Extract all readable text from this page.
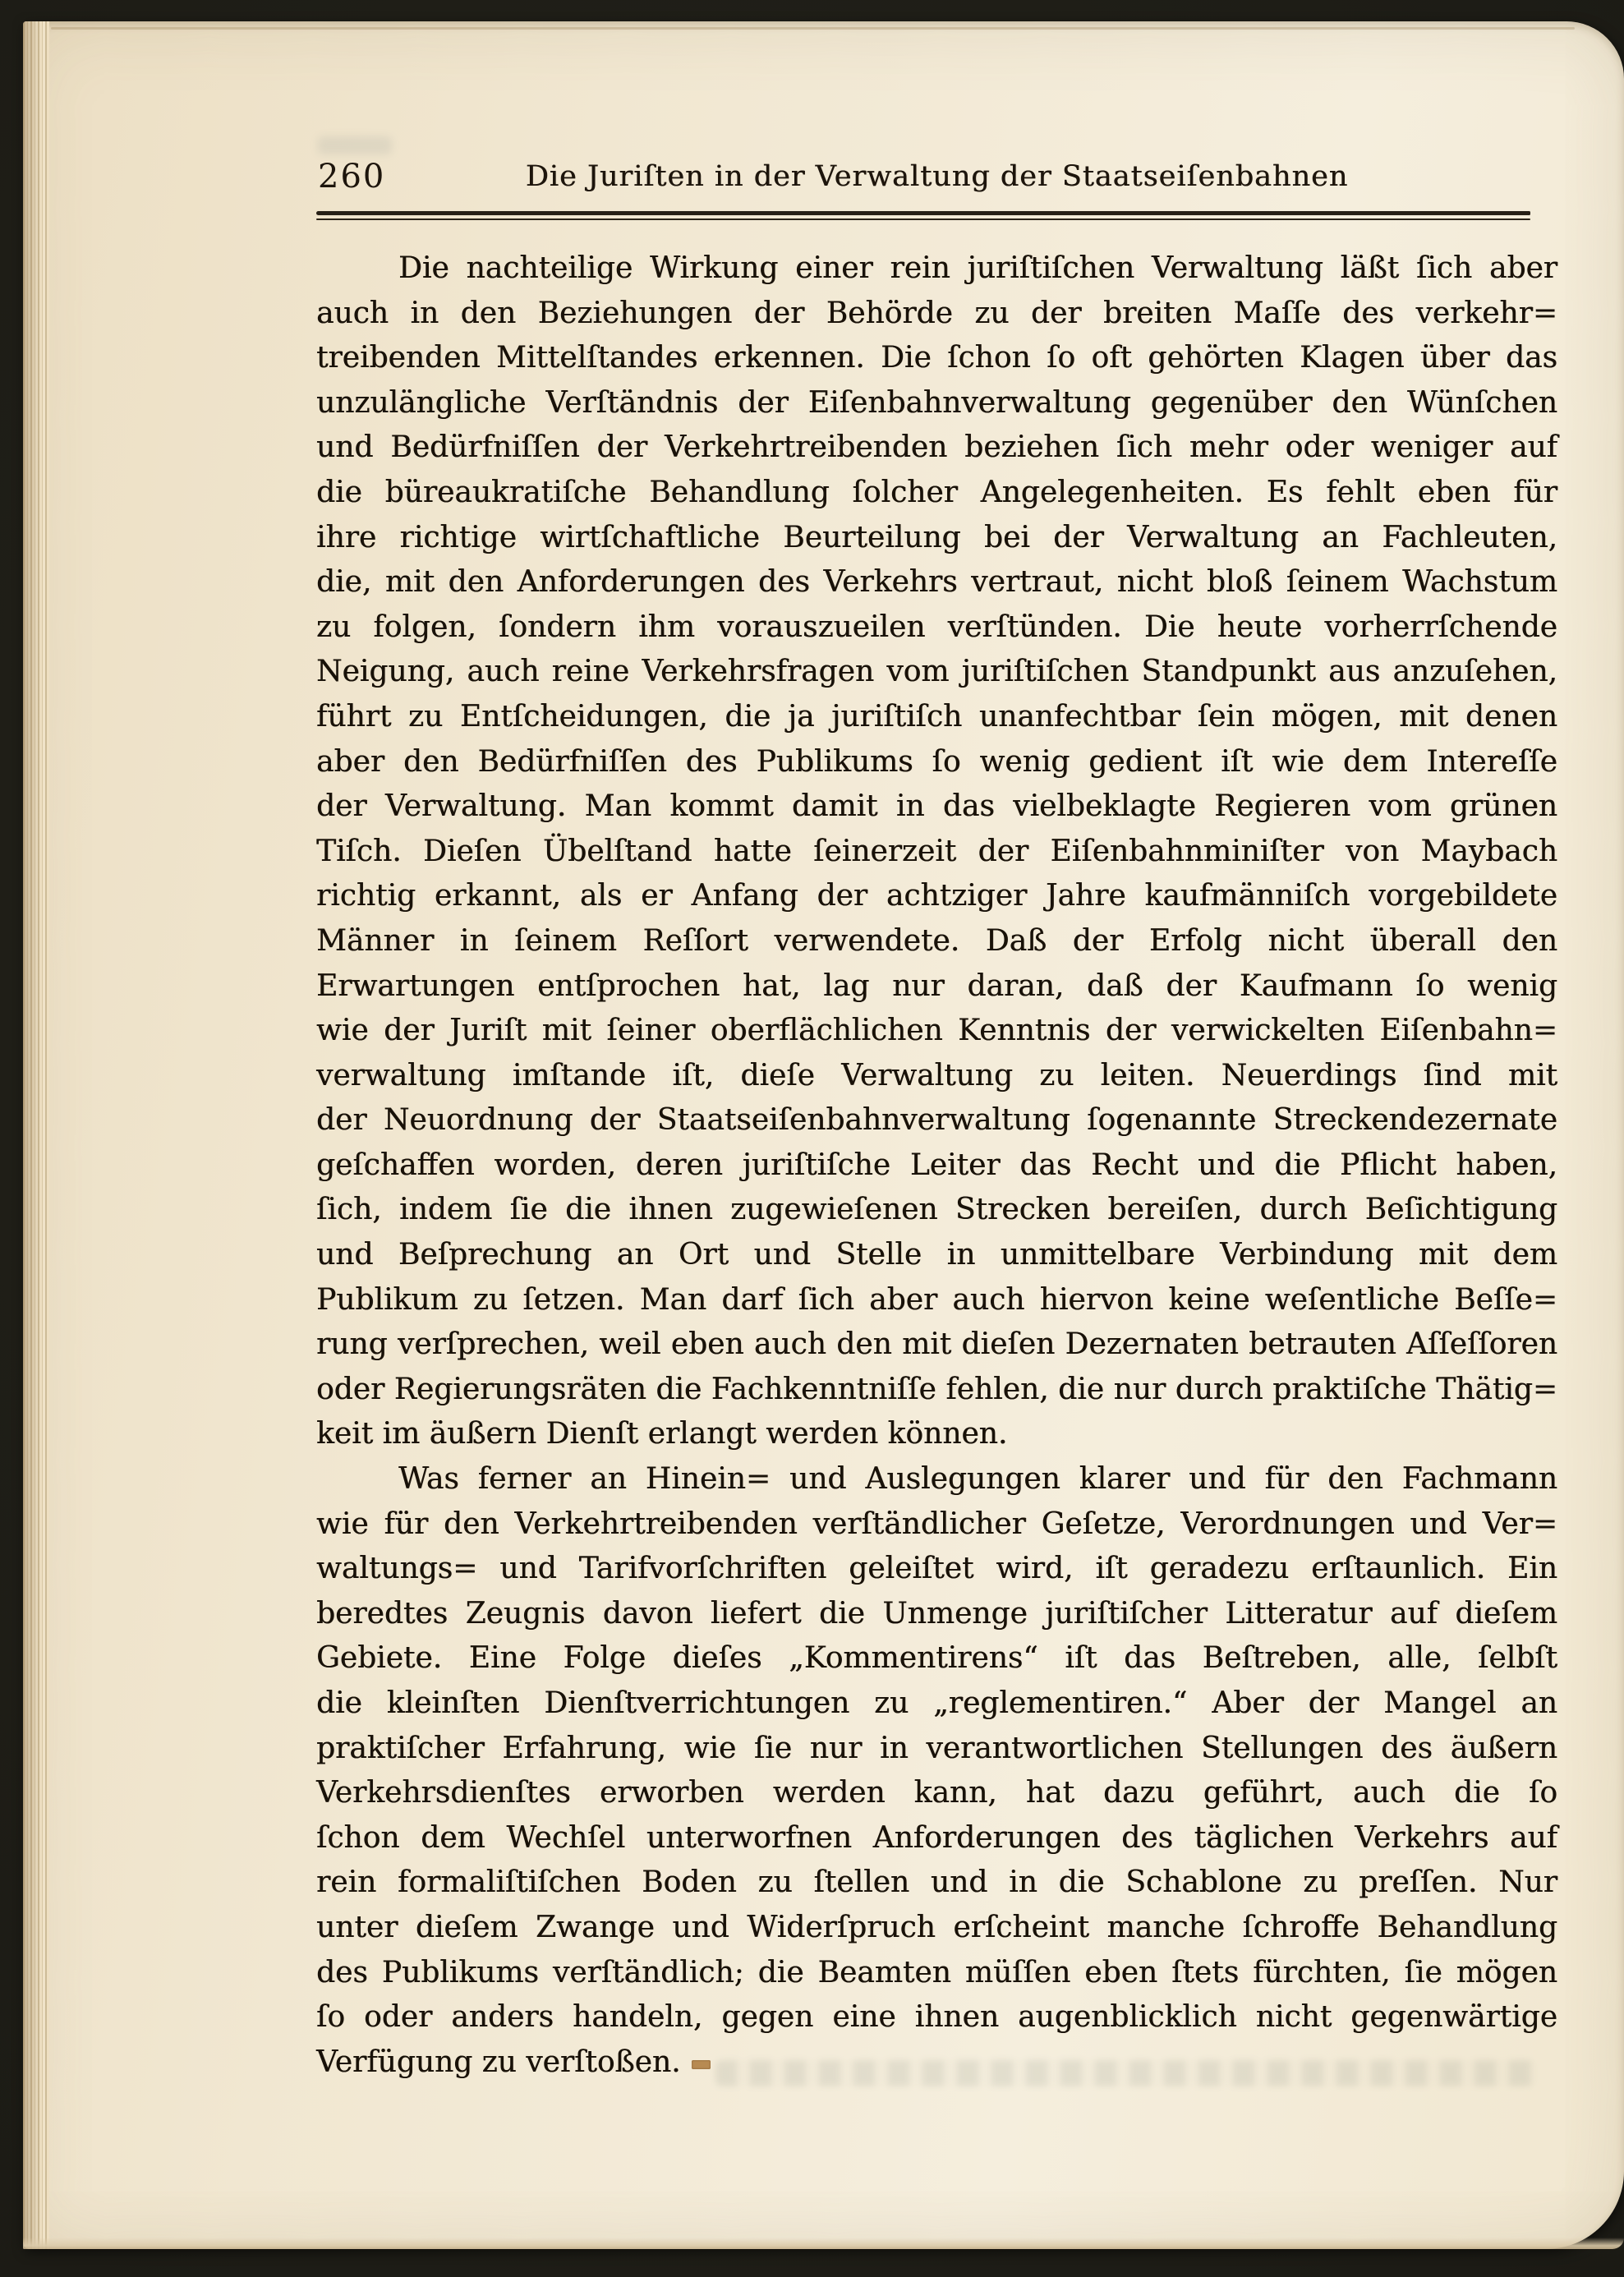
260	Die Juriſten in der Verwaltung der Staatseiſenbahnen
Die nachteilige Wirkung einer rein juriſtiſchen Verwaltung läßt ſich aber
auch in den Beziehungen der Behörde zu der breiten Maſſe des verkehr=
treibenden Mittelſtandes erkennen. Die ſchon ſo oft gehörten Klagen über das
unzulängliche Verſtändnis der Eiſenbahnverwaltung gegenüber den Wünſchen
und Bedürfniſſen der Verkehrtreibenden beziehen ſich mehr oder weniger auf
die büreaukratiſche Behandlung ſolcher Angelegenheiten. Es fehlt eben für
ihre richtige wirtſchaftliche Beurteilung bei der Verwaltung an Fachleuten,
die, mit den Anforderungen des Verkehrs vertraut, nicht bloß ſeinem Wachstum
zu folgen, ſondern ihm vorauszueilen verſtünden. Die heute vorherrſchende
Neigung, auch reine Verkehrsfragen vom juriſtiſchen Standpunkt aus anzuſehen,
führt zu Entſcheidungen, die ja juriſtiſch unanfechtbar ſein mögen, mit denen
aber den Bedürfniſſen des Publikums ſo wenig gedient iſt wie dem Intereſſe
der Verwaltung. Man kommt damit in das vielbeklagte Regieren vom grünen
Tiſch. Dieſen Übelſtand hatte ſeinerzeit der Eiſenbahnminiſter von Maybach
richtig erkannt, als er Anfang der achtziger Jahre kaufmänniſch vorgebildete
Männer in ſeinem Reſſort verwendete. Daß der Erfolg nicht überall den
Erwartungen entſprochen hat, lag nur daran, daß der Kaufmann ſo wenig
wie der Juriſt mit ſeiner oberflächlichen Kenntnis der verwickelten Eiſenbahn=
verwaltung imſtande iſt, dieſe Verwaltung zu leiten. Neuerdings ſind mit
der Neuordnung der Staatseiſenbahnverwaltung ſogenannte Streckendezernate
geſchaffen worden, deren juriſtiſche Leiter das Recht und die Pflicht haben,
ſich, indem ſie die ihnen zugewieſenen Strecken bereiſen, durch Beſichtigung
und Beſprechung an Ort und Stelle in unmittelbare Verbindung mit dem
Publikum zu ſetzen. Man darf ſich aber auch hiervon keine weſentliche Beſſe=
rung verſprechen, weil eben auch den mit dieſen Dezernaten betrauten Aſſeſſoren
oder Regierungsräten die Fachkenntniſſe fehlen, die nur durch praktiſche Thätig=
keit im äußern Dienſt erlangt werden können.
Was ferner an Hinein= und Auslegungen klarer und für den Fachmann
wie für den Verkehrtreibenden verſtändlicher Geſetze, Verordnungen und Ver=
waltungs= und Tarifvorſchriften geleiſtet wird, iſt geradezu erſtaunlich. Ein
beredtes Zeugnis davon liefert die Unmenge juriſtiſcher Litteratur auf dieſem
Gebiete. Eine Folge dieſes „Kommentirens“ iſt das Beſtreben, alle, ſelbſt
die kleinſten Dienſtverrichtungen zu „reglementiren.“ Aber der Mangel an
praktiſcher Erfahrung, wie ſie nur in verantwortlichen Stellungen des äußern
Verkehrsdienſtes erworben werden kann, hat dazu geführt, auch die ſo
ſchon dem Wechſel unterworfnen Anforderungen des täglichen Verkehrs auf
rein formaliſtiſchen Boden zu ſtellen und in die Schablone zu preſſen. Nur
unter dieſem Zwange und Widerſpruch erſcheint manche ſchroffe Behandlung
des Publikums verſtändlich; die Beamten müſſen eben ſtets fürchten, ſie mögen
ſo oder anders handeln, gegen eine ihnen augenblicklich nicht gegenwärtige
Verfügung zu verſtoßen.
